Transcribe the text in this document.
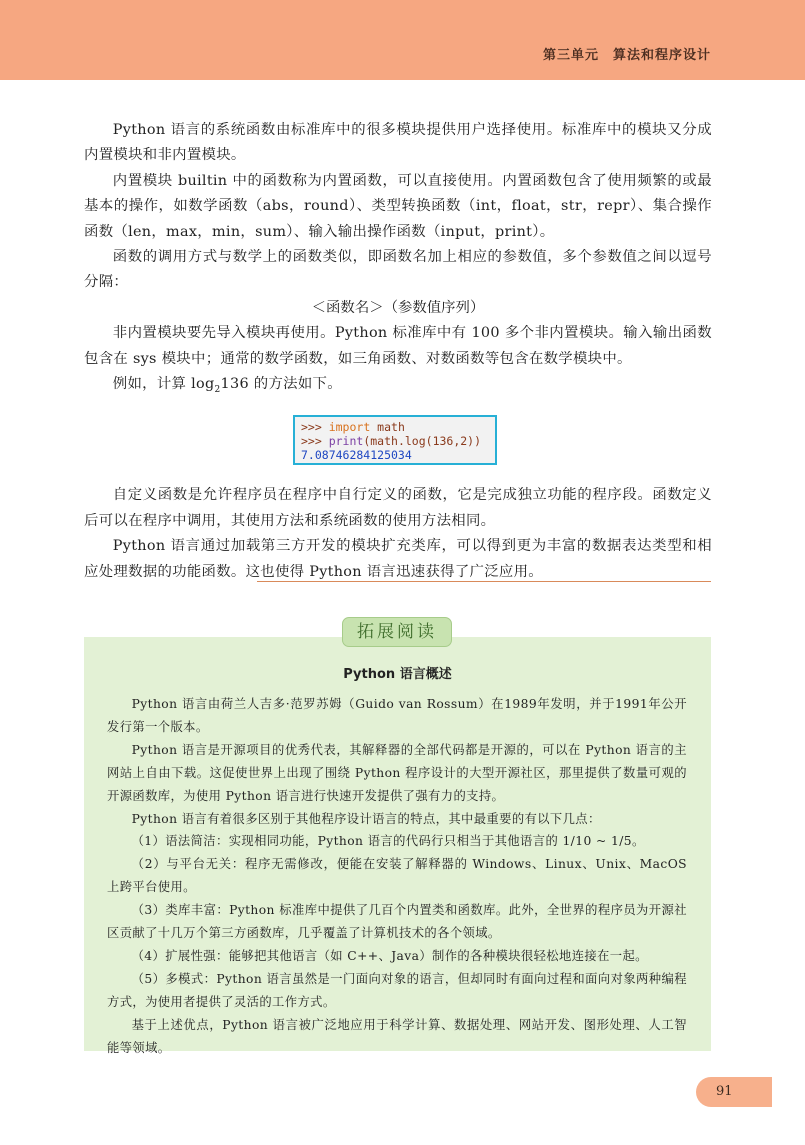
第三单元　算法和程序设计

Python 语言的系统函数由标准库中的很多模块提供用户选择使用。标准库中的模块又分成内置模块和非内置模块。

内置模块 builtin 中的函数称为内置函数，可以直接使用。内置函数包含了使用频繁的或最基本的操作，如数学函数（abs，round）、类型转换函数（int，float，str，repr）、集合操作函数（len，max，min，sum）、输入输出操作函数（input，print）。

函数的调用方式与数学上的函数类似，即函数名加上相应的参数值，多个参数值之间以逗号分隔：

＜函数名＞（参数值序列）

非内置模块要先导入模块再使用。Python 标准库中有 100 多个非内置模块。输入输出函数包含在 sys 模块中；通常的数学函数，如三角函数、对数函数等包含在数学模块中。

例如，计算 $\log_2136$ 的方法如下。

>>> import math
>>> print(math.log(136,2))
7.08746284125034

自定义函数是允许程序员在程序中自行定义的函数，它是完成独立功能的程序段。函数定义后可以在程序中调用，其使用方法和系统函数的使用方法相同。

Python 语言通过加载第三方开发的模块扩充类库，可以得到更为丰富的数据表达类型和相应处理数据的功能函数。这也使得 Python 语言迅速获得了广泛应用。

Python 语言概述

Python 语言由荷兰人吉多·范罗苏姆（Guido van Rossum）在1989年发明，并于1991年公开发行第一个版本。

Python 语言是开源项目的优秀代表，其解释器的全部代码都是开源的，可以在 Python 语言的主网站上自由下载。这促使世界上出现了围绕 Python 程序设计的大型开源社区，那里提供了数量可观的开源函数库，为使用 Python 语言进行快速开发提供了强有力的支持。

Python 语言有着很多区别于其他程序设计语言的特点，其中最重要的有以下几点：

（1）语法简洁：实现相同功能，Python 语言的代码行只相当于其他语言的 1/10 ~ 1/5。

（2）与平台无关：程序无需修改，便能在安装了解释器的 Windows、Linux、Unix、MacOS 上跨平台使用。

（3）类库丰富：Python 标准库中提供了几百个内置类和函数库。此外，全世界的程序员为开源社区贡献了十几万个第三方函数库，几乎覆盖了计算机技术的各个领域。

（4）扩展性强：能够把其他语言（如 C++、Java）制作的各种模块很轻松地连接在一起。

（5）多模式：Python 语言虽然是一门面向对象的语言，但却同时有面向过程和面向对象两种编程方式，为使用者提供了灵活的工作方式。

基于上述优点，Python 语言被广泛地应用于科学计算、数据处理、网站开发、图形处理、人工智能等领域。

拓展阅读
91
